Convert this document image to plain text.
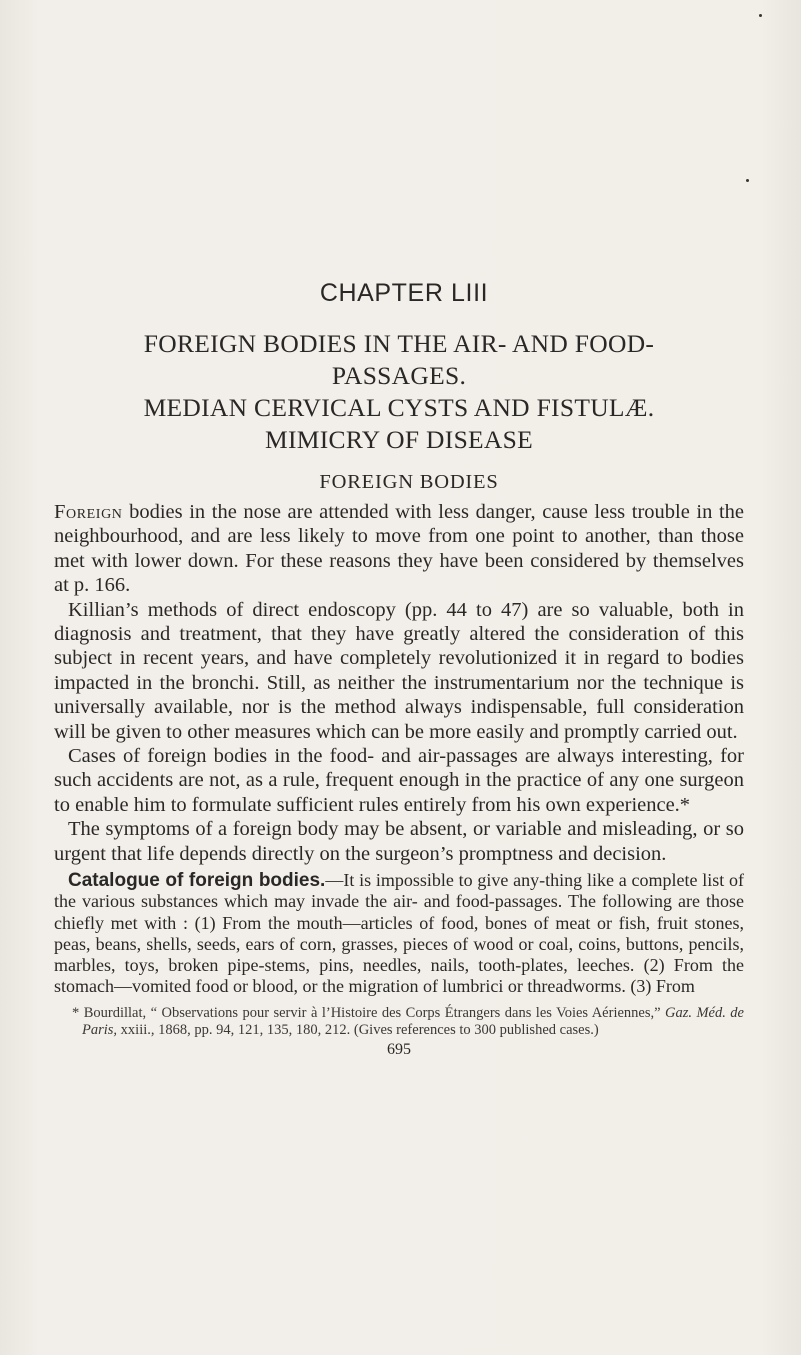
CHAPTER LIII
FOREIGN BODIES IN THE AIR- AND FOOD-
PASSAGES.
MEDIAN CERVICAL CYSTS AND FISTULÆ.
MIMICRY OF DISEASE
FOREIGN BODIES

Foreign bodies in the nose are attended with less danger, cause less trouble in the neighbourhood, and are less likely to move from one point to another, than those met with lower down. For these reasons they have been considered by themselves at p. 166.

Killian’s methods of direct endoscopy (pp. 44 to 47) are so valuable, both in diagnosis and treatment, that they have greatly altered the consideration of this subject in recent years, and have completely revolutionized it in regard to bodies impacted in the bronchi. Still, as neither the instrumentarium nor the technique is universally available, nor is the method always indispensable, full consideration will be given to other measures which can be more easily and promptly carried out.

Cases of foreign bodies in the food- and air-passages are always interesting, for such accidents are not, as a rule, frequent enough in the practice of any one surgeon to enable him to formulate sufficient rules entirely from his own experience.*

The symptoms of a foreign body may be absent, or variable and misleading, or so urgent that life depends directly on the surgeon’s promptness and decision.

Catalogue of foreign bodies.—It is impossible to give any-thing like a complete list of the various substances which may invade the air- and food-passages. The following are those chiefly met with : (1) From the mouth—articles of food, bones of meat or fish, fruit stones, peas, beans, shells, seeds, ears of corn, grasses, pieces of wood or coal, coins, buttons, pencils, marbles, toys, broken pipe-stems, pins, needles, nails, tooth-plates, leeches. (2) From the stomach—vomited food or blood, or the migration of lumbrici or threadworms. (3) From

* Bourdillat, “ Observations pour servir à l’Histoire des Corps Étrangers dans les Voies Aériennes,” Gaz. Méd. de Paris, xxiii., 1868, pp. 94, 121, 135, 180, 212. (Gives references to 300 published cases.)

695
